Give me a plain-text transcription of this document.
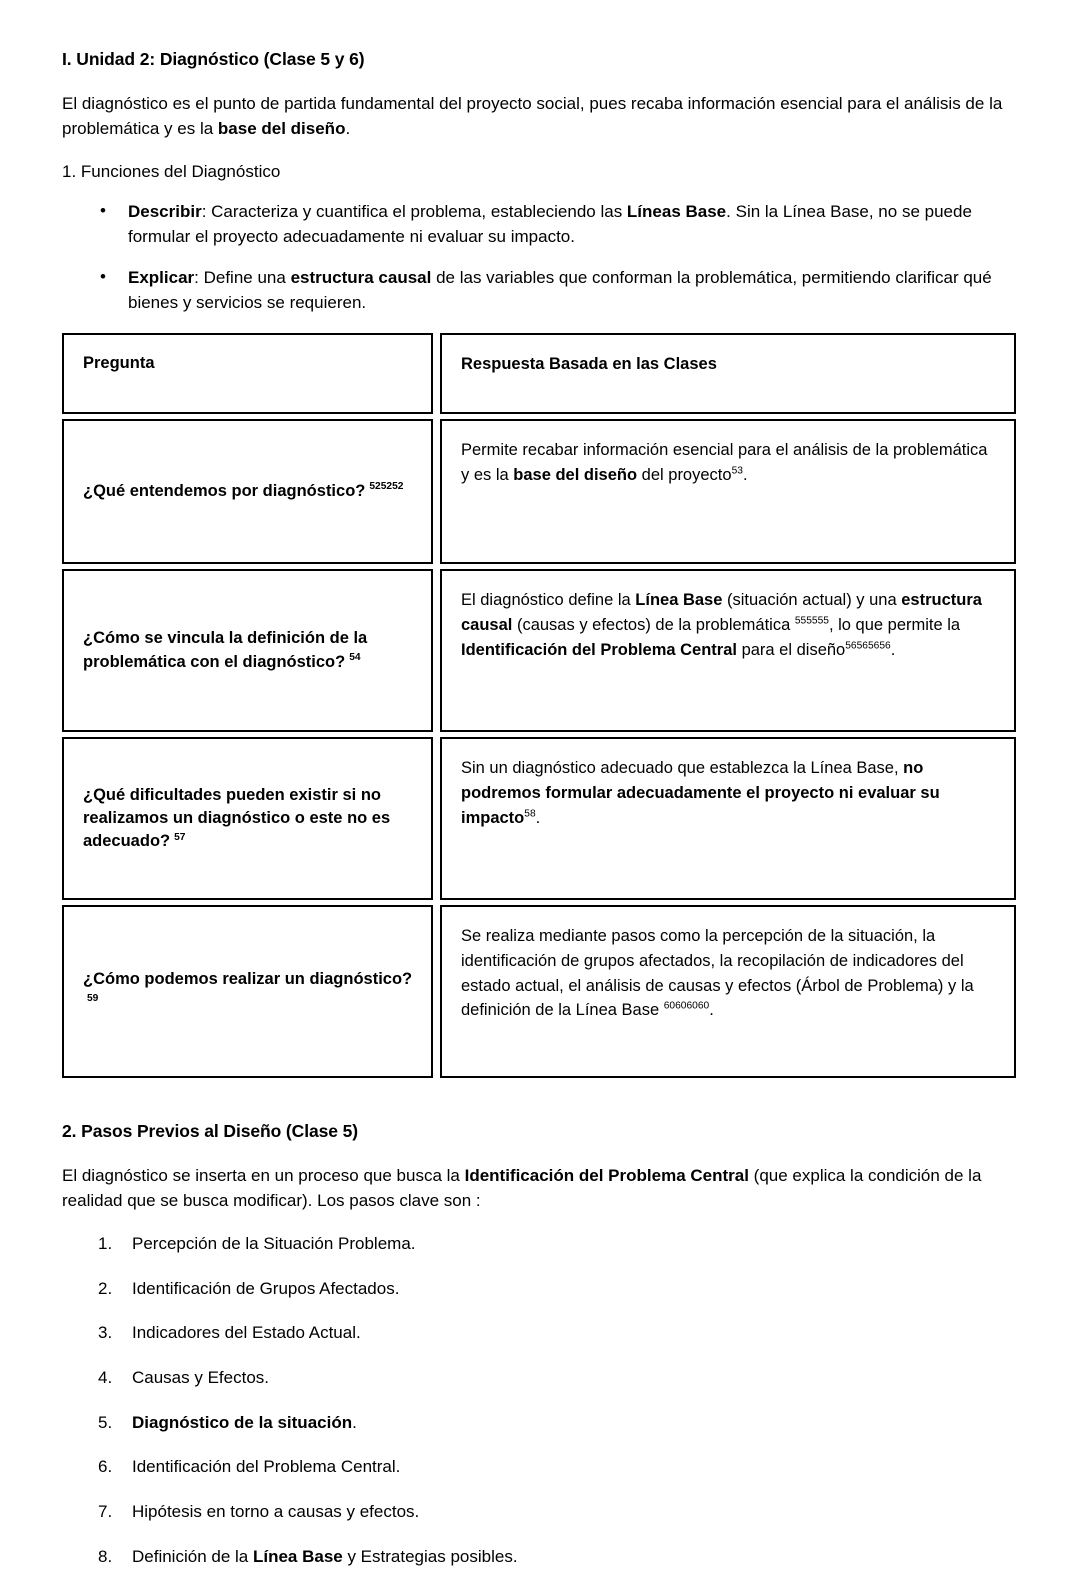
I. Unidad 2: Diagnóstico (Clase 5 y 6)

El diagnóstico es el punto de partida fundamental del proyecto social, pues recaba información esencial para el análisis de la problemática y es la base del diseño.

1. Funciones del Diagnóstico

• Describir: Caracteriza y cuantifica el problema, estableciendo las Líneas Base. Sin la Línea Base, no se puede formular el proyecto adecuadamente ni evaluar su impacto.
• Explicar: Define una estructura causal de las variables que conforman la problemática, permitiendo clarificar qué bienes y servicios se requieren.
Pregunta		Respuesta Basada en las Clases

¿Qué entendemos por diagnóstico? $^{525252}$		Permite recabar información esencial para el análisis de la problemática y es la base del diseño del proyecto$^{53}$.

¿Cómo se vincula la definición de la problemática con el diagnóstico? $^{54}$		El diagnóstico define la Línea Base (situación actual) y una estructura causal (causas y efectos) de la problemática $^{555555}$, lo que permite la Identificación del Problema Central para el diseño$^{56565656}$.

¿Qué dificultades pueden existir si no realizamos un diagnóstico o este no es adecuado? $^{57}$		Sin un diagnóstico adecuado que establezca la Línea Base, no podremos formular adecuadamente el proyecto ni evaluar su impacto$^{58}$.

¿Cómo podemos realizar un diagnóstico?$^{59}$		Se realiza mediante pasos como la percepción de la situación, la identificación de grupos afectados, la recopilación de indicadores del estado actual, el análisis de causas y efectos (Árbol de Problema) y la definición de la Línea Base $^{60606060}$.
2. Pasos Previos al Diseño (Clase 5)

El diagnóstico se inserta en un proceso que busca la Identificación del Problema Central (que explica la condición de la realidad que se busca modificar). Los pasos clave son :

Percepción de la Situación Problema.
Identificación de Grupos Afectados.
Indicadores del Estado Actual.
Causas y Efectos.
Diagnóstico de la situación.
Identificación del Problema Central.
Hipótesis en torno a causas y efectos.
Definición de la Línea Base y Estrategias posibles.
